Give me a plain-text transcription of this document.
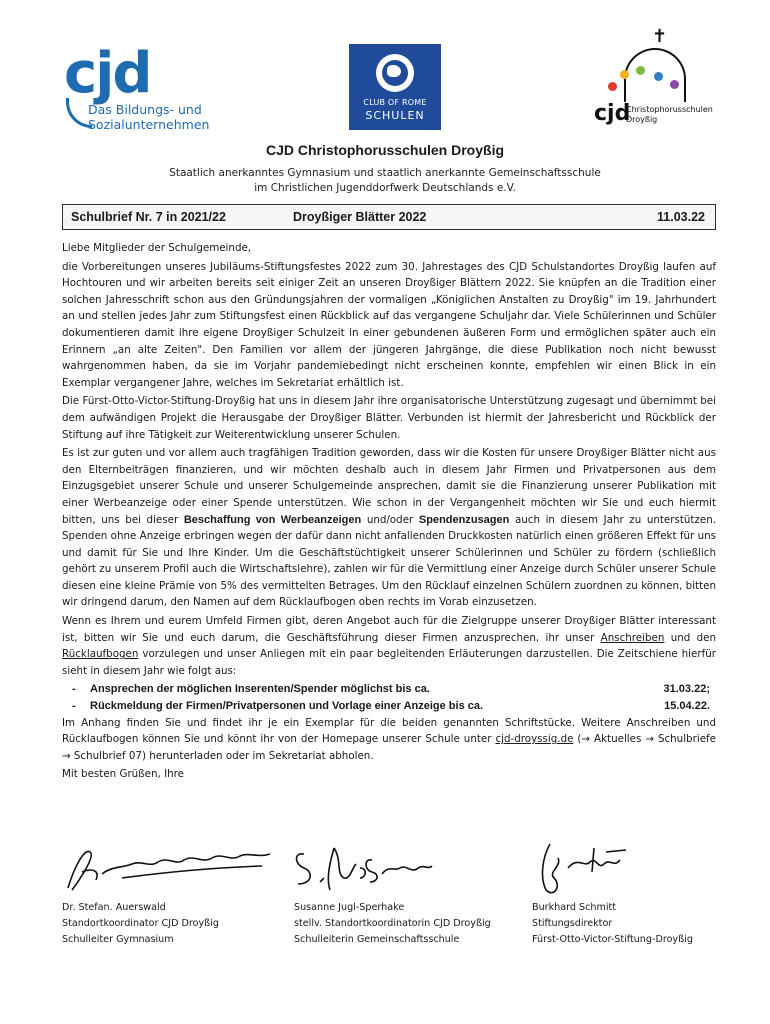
cjd
Das Bildungs- und
Sozialunternehmen
CLUB OF ROME
SCHULEN
✝
cjd
Christophorusschulen
Droyßig
CJD Christophorusschulen Droyßig
Staatlich anerkanntes Gymnasium und staatlich anerkannte Gemeinschaftsschule
im Christlichen Jugenddorfwerk Deutschlands e.V.
Schulbrief Nr. 7 in 2021/22	Droyßiger Blätter 2022	11.03.22

Liebe Mitglieder der Schulgemeinde,

die Vorbereitungen unseres Jubiläums-Stiftungsfestes 2022 zum 30. Jahrestages des CJD Schulstandortes Droyßig laufen auf Hochtouren und wir arbeiten bereits seit einiger Zeit an unseren Droyßiger Blättern 2022. Sie knüpfen an die Tradition einer solchen Jahresschrift schon aus den Gründungsjahren der vormaligen „Königlichen Anstalten zu Droyßig" im 19. Jahrhundert an und stellen jedes Jahr zum Stiftungsfest einen Rückblick auf das vergangene Schuljahr dar. Viele Schülerinnen und Schüler dokumentieren damit ihre eigene Droyßiger Schulzeit in einer gebundenen äußeren Form und ermöglichen später auch ein Erinnern „an alte Zeiten". Den Familien vor allem der jüngeren Jahrgänge, die diese Publikation noch nicht bewusst wahrgenommen haben, da sie im Vorjahr pandemiebedingt nicht erscheinen konnte, empfehlen wir einen Blick in ein Exemplar vergangener Jahre, welches im Sekretariat erhältlich ist.

Die Fürst-Otto-Victor-Stiftung-Droyßig hat uns in diesem Jahr ihre organisatorische Unterstützung zugesagt und übernimmt bei dem aufwändigen Projekt die Herausgabe der Droyßiger Blätter. Verbunden ist hiermit der Jahresbericht und Rückblick der Stiftung auf ihre Tätigkeit zur Weiterentwicklung unserer Schulen.

Es ist zur guten und vor allem auch tragfähigen Tradition geworden, dass wir die Kosten für unsere Droyßiger Blätter nicht aus den Elternbeiträgen finanzieren, und wir möchten deshalb auch in diesem Jahr Firmen und Privatpersonen aus dem Einzugsgebiet unserer Schule und unserer Schulgemeinde ansprechen, damit sie die Finanzierung unserer Publikation mit einer Werbeanzeige oder einer Spende unterstützen. Wie schon in der Vergangenheit möchten wir Sie und euch hiermit bitten, uns bei dieser Beschaffung von Werbeanzeigen und/oder Spendenzusagen auch in diesem Jahr zu unterstützen. Spenden ohne Anzeige erbringen wegen der dafür dann nicht anfallenden Druckkosten natürlich einen größeren Effekt für uns und damit für Sie und Ihre Kinder. Um die Geschäftstüchtigkeit unserer Schülerinnen und Schüler zu fördern (schließlich gehört zu unserem Profil auch die Wirtschaftslehre), zahlen wir für die Vermittlung einer Anzeige durch Schüler unserer Schule diesen eine kleine Prämie von 5% des vermittelten Betrages. Um den Rücklauf einzelnen Schülern zuordnen zu können, bitten wir dringend darum, den Namen auf dem Rücklaufbogen oben rechts im Vorab einzusetzen.

Wenn es Ihrem und eurem Umfeld Firmen gibt, deren Angebot auch für die Zielgruppe unserer Droyßiger Blätter interessant ist, bitten wir Sie und euch darum, die Geschäftsführung dieser Firmen anzusprechen, ihr unser Anschreiben und den Rücklaufbogen vorzulegen und unser Anliegen mit ein paar begleitenden Erläuterungen darzustellen. Die Zeitschiene hierfür sieht in diesem Jahr wie folgt aus:

- Ansprechen der möglichen Inserenten/Spender möglichst bis ca.	31.03.22;
- Rückmeldung der Firmen/Privatpersonen und Vorlage einer Anzeige bis ca.	15.04.22.

Im Anhang finden Sie und findet ihr je ein Exemplar für die beiden genannten Schriftstücke. Weitere Anschreiben und Rücklaufbogen können Sie und könnt ihr von der Homepage unserer Schule unter cjd-droyssig.de (→ Aktuelles → Schulbriefe → Schulbrief 07) herunterladen oder im Sekretariat abholen.

Mit besten Grüßen, Ihre

Dr. Stefan. Auerswald
Standortkoordinator CJD Droyßig
Schulleiter Gymnasium
Susanne Jugl-Sperhake
stellv. Standortkoordinatorin CJD Droyßig
Schulleiterin Gemeinschaftsschule
Burkhard Schmitt
Stiftungsdirektor
Fürst-Otto-Victor-Stiftung-Droyßig
